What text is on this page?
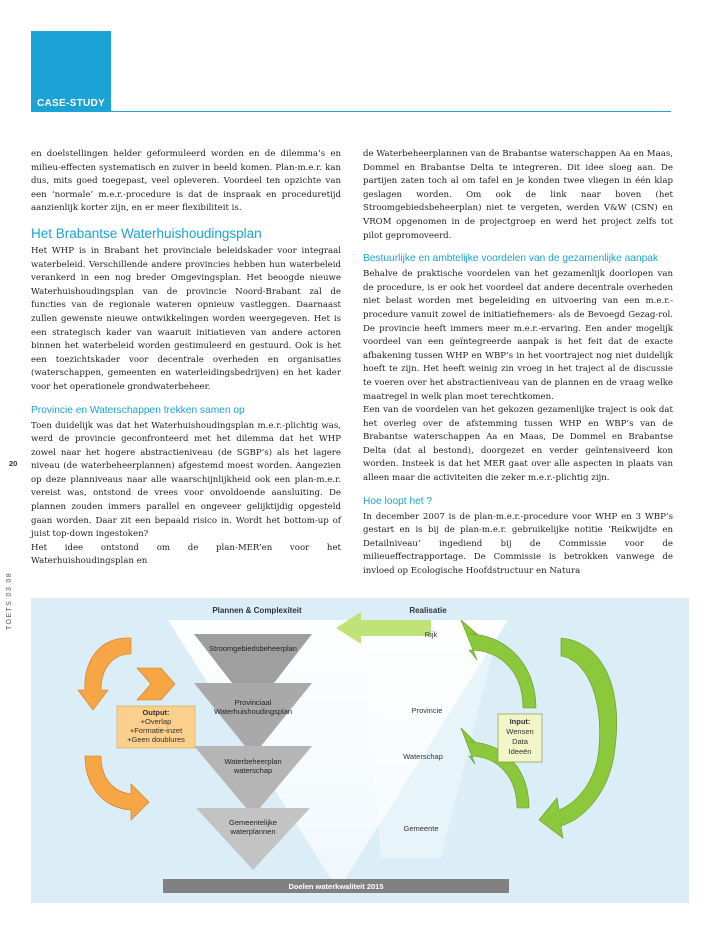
CASE-STUDY

en doelstellingen helder geformuleerd worden en de dilemma’s en milieu-effecten systematisch en zuiver in beeld komen. Plan-m.e.r. kan dus, mits goed toegepast, veel opleveren. Voordeel ten opzichte van een ‘normale’ m.e.r.-procedure is dat de inspraak en proceduretijd aanzienlijk korter zijn, en er meer flexibiliteit is.

Het Brabantse Waterhuishoudingsplan

Het WHP is in Brabant het provinciale beleidskader voor integraal waterbeleid. Verschillende andere provincies hebben hun waterbeleid verankerd in een nog breder Omgevingsplan. Het beoogde nieuwe Waterhuishoudingsplan van de provincie Noord-Brabant zal de functies van de regionale wateren opnieuw vastleggen. Daarnaast zullen gewenste nieuwe ontwikkelingen worden weergegeven. Het is een strategisch kader van waaruit initiatieven van andere actoren binnen het waterbeleid worden gestimuleerd en gestuurd. Ook is het een toezichtskader voor decentrale overheden en organisaties (waterschappen, gemeenten en waterleidingsbedrijven) en het kader voor het operationele grondwaterbeheer.

Provincie en Waterschappen trekken samen op

Toen duidelijk was dat het Waterhuishoudingsplan m.e.r.-plichtig was, werd de provincie geconfronteerd met het dilemma dat het WHP zowel naar het hogere abstractieniveau (de SGBP’s) als het lagere niveau (de waterbeheerplannen) afgestemd moest worden. Aangezien op deze planniveaus naar alle waarschijnlijkheid ook een plan-m.e.r. vereist was, ontstond de vrees voor onvoldoende aansluiting. De plannen zouden immers parallel en ongeveer gelijktijdig opgesteld gaan worden. Daar zit een bepaald risico in. Wordt het bottom-up of juist top-down ingestoken?

Het idee ontstond om de plan-MER’en voor het Waterhuishoudingsplan en

de Waterbeheerplannen van de Brabantse waterschappen Aa en Maas, Dommel en Brabantse Delta te integreren. Dit idee sloeg aan. De partijen zaten toch al om tafel en je konden twee vliegen in één klap geslagen worden. Om ook de link naar boven (het Stroomgebiedsbeheerplan) niet te vergeten, werden V&W (CSN) en VROM opgenomen in de projectgroep en werd het project zelfs tot pilot gepromoveerd.

Bestuurlijke en ambtelijke voordelen van de gezamenlijke aanpak

Behalve de praktische voordelen van het gezamenlijk doorlopen van de procedure, is er ook het voordeel dat andere decentrale overheden niet belast worden met begeleiding en uitvoering van een m.e.r.-procedure vanuit zowel de initiatiefnemers- als de Bevoegd Gezag-rol. De provincie heeft immers meer m.e.r.-ervaring. Een ander mogelijk voordeel van een geïntegreerde aanpak is het feit dat de exacte afbakening tussen WHP en WBP’s in het voortraject nog niet duidelijk hoeft te zijn. Het heeft weinig zin vroeg in het traject al de discussie te voeren over het abstractieniveau van de plannen en de vraag welke maatregel in welk plan moet terechtkomen.

Een van de voordelen van het gekozen gezamenlijke traject is ook dat het overleg over de afstemming tussen WHP en WBP’s van de Brabantse waterschappen Aa en Maas, De Dommel en Brabantse Delta (dat al bestond), doorgezet en verder geïntensiveerd kon worden. Insteek is dat het MER gaat over alle aspecten in plaats van alleen maar die activiteiten die zeker m.e.r.-plichtig zijn.

Hoe loopt het ?

In december 2007 is de plan-m.e.r.-procedure voor WHP en 3 WBP’s gestart en is bij de plan-m.e.r. gebruikelijke notitie ‘Reikwijdte en Detailniveau’ ingediend bij de Commissie voor de milieueffectrapportage. De Commissie is betrokken vanwege de invloed op Ecologische Hoofdstructuur en Natura

20
TOETS 03 08	Plannen & Complexiteit	Realisatie
Stroomgebiedsbeheerplan
Provinciaal
Waterhuishoudingsplan
Waterbeheerplan
waterschap
Gemeentelijke
waterplannen
Rijk
Provincie
Waterschap
Gemeente
Output:
+Overlap
+Formatie-inzet
+Geen doublures
Input:
Wensen
Data
Ideeën
Doelen waterkwaliteit 2015
